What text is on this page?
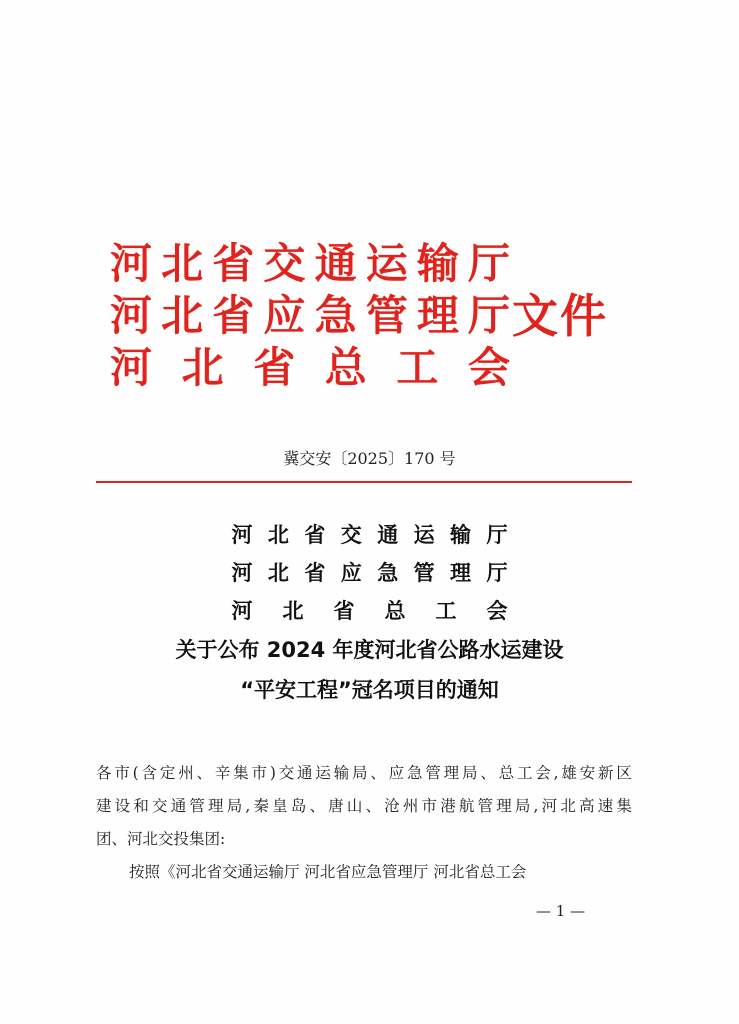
河 北 省 交 通 运 输 厅
河 北 省 应 急 管 理 厅
河 北 省 总 工 会
文件
冀交安〔2025〕170 号
河 北 省 交 通 运 输 厅
河 北 省 应 急 管 理 厅
河 北 省 总 工 会
关于公布 2024 年度河北省公路水运建设
“平安工程”冠名项目的通知
各 市 ( 含 定 州 、 辛 集 市 ) 交 通 运 输 局 、 应 急 管 理 局 、 总 工 会 , 雄 安 新 区
建 设 和 交 通 管 理 局 , 秦 皇 岛 、 唐 山 、 沧 州 市 港 航 管 理 局 , 河 北 高 速 集
团、河北交投集团:
按照《河北省交通运输厅 河北省应急管理厅 河北省总工会
— 1 —
